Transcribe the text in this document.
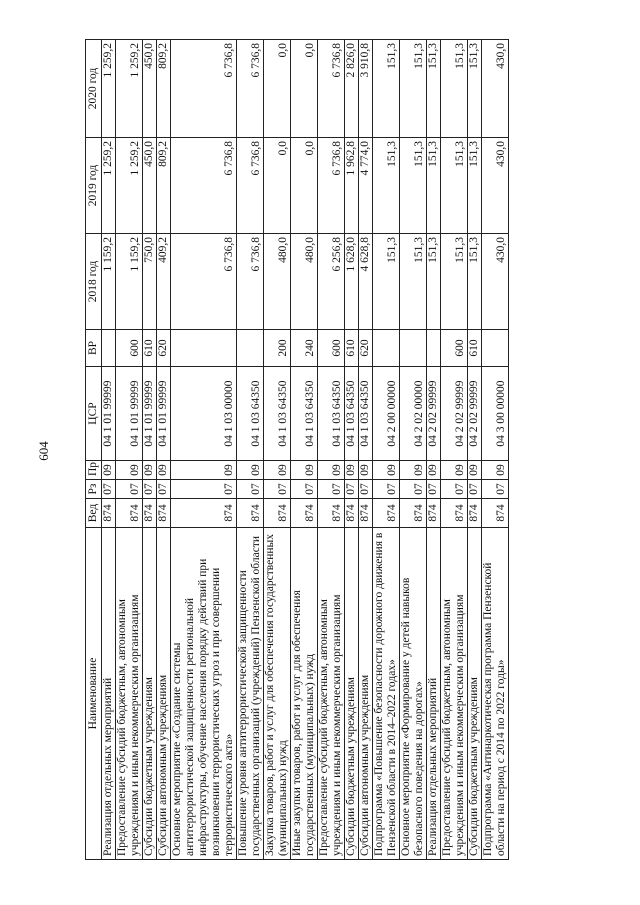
604
Наименование	Вед	Рз	Пр	ЦСР	ВР	2018 год	2019 год	2020 год
Реализация отдельных мероприятий	874	07	09	04 1 01 99999		1 159,2	1 259,2	1 259,2
Предоставление субсидий бюджетным, автономным учреждениям и иным некоммерческим организациям	874	07	09	04 1 01 99999	600	1 159,2	1 259,2	1 259,2
Субсидии бюджетным учреждениям	874	07	09	04 1 01 99999	610	750,0	450,0	450,0
Субсидии автономным учреждениям	874	07	09	04 1 01 99999	620	409,2	809,2	809,2
Основное мероприятие «Создание системы антитеррористической защищенности региональной инфраструктуры, обучение населения порядку действий при возникновении террористических угроз и при совершении террористического акта»	874	07	09	04 1 03 00000		6 736,8	6 736,8	6 736,8
Повышение уровня антитеррористической защищенности государственных организаций (учреждений) Пензенской области	874	07	09	04 1 03 64350		6 736,8	6 736,8	6 736,8
Закупка товаров, работ и услуг для обеспечения государственных (муниципальных) нужд	874	07	09	04 1 03 64350	200	480,0	0,0	0,0
Иные закупки товаров, работ и услуг для обеспечения государственных (муниципальных) нужд	874	07	09	04 1 03 64350	240	480,0	0,0	0,0
Предоставление субсидий бюджетным, автономным учреждениям и иным некоммерческим организациям	874	07	09	04 1 03 64350	600	6 256,8	6 736,8	6 736,8
Субсидии бюджетным учреждениям	874	07	09	04 1 03 64350	610	1 628,0	1 962,8	2 826,0
Субсидии автономным учреждениям	874	07	09	04 1 03 64350	620	4 628,8	4 774,0	3 910,8
Подпрограмма «Повышение безопасности дорожного движения в Пензенской области в 2014–2022 годах»	874	07	09	04 2 00 00000		151,3	151,3	151,3
Основное мероприятие «Формирование у детей навыков безопасного поведения на дорогах»	874	07	09	04 2 02 00000		151,3	151,3	151,3
Реализация отдельных мероприятий	874	07	09	04 2 02 99999		151,3	151,3	151,3
Предоставление субсидий бюджетным, автономным учреждениям и иным некоммерческим организациям	874	07	09	04 2 02 99999	600	151,3	151,3	151,3
Субсидии бюджетным учреждениям	874	07	09	04 2 02 99999	610	151,3	151,3	151,3
Подпрограмма «Антинаркотическая программа Пензенской области на период с 2014 по 2022 годы»	874	07	09	04 3 00 00000		430,0	430,0	430,0
